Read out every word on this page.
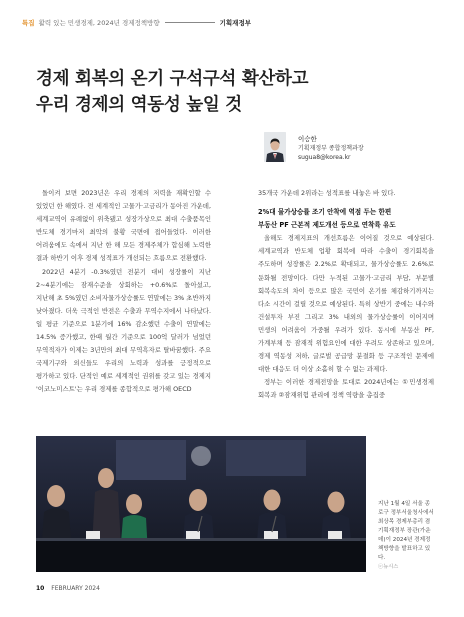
특집 활력 있는 민생경제, 2024년 경제정책방향	기획재정부
경제 회복의 온기 구석구석 확산하고
우리 경제의 역동성 높일 것
이승한
기획재정부 종합정책과장
sugua8@korea.kr

돌이켜 보면 2023년은 우리 경제의 저력을 재확인할 수 있었던 한 해였다. 전 세계적인 고물가·고금리가 동아진 가운데, 세계교역이 유례없이 위축됐고 성장가상으로 최대 수출품목인 반도체 경기마저 최악의 불황 국면에 접어들었다. 이러한 어려움에도 속에서 지난 한 해 모든 경제주체가 합심해 노력한 결과 하반기 이후 경제 성적표가 개선되는 흐름으로 전환했다.

2022년 4분기 -0.3%였던 전분기 대비 성장률이 지난 2~4분기에는 잠재수준을 상회하는 +0.6%로 돌아섰고, 지난해 초 5%였던 소비자물가상승률도 연말에는 3% 초반까지 낮아졌다. 더욱 극적인 반전은 수출과 무역수지에서 나타났다. 일 평균 기준으로 1분기에 16% 감소했던 수출이 연말에는 14.5% 증가했고, 한때 월간 기준으로 100억 달러가 넘었던 무역적자가 이제는 3년만의 최대 무역흑자로 탈바꿈했다. 주요 국제기구와 외신들도 우리의 노력과 성과를 긍정적으로 평가하고 있다. 단적인 예로 세계적인 권위를 갖고 있는 경제지 '이코노미스트'는 우리 경제를 종합적으로 평가해 OECD

35개국 가운데 2위라는 성적표를 내놓은 바 있다.

2%대 물가상승률 조기 안착에 역점 두는 한편
부동산 PF 근본적 제도개선 등으로 연착륙 유도

올해도 경제지표의 개선흐름은 이어질 것으로 예상된다. 세계교역과 반도체 업황 회복에 따라 수출이 경기회복을 주도하며 성장률은 2.2%로 확대되고, 물가상승률도 2.6%로 둔화될 전망이다. 다만 누적된 고물가·고금리 부담, 부문별 회복속도의 차이 등으로 많은 국민이 온기를 체감하기까지는 다소 시간이 걸릴 것으로 예상된다. 특히 상반기 중에는 내수와 건설투자 부진 그리고 3% 내외의 물가상승률이 이어지며 민생의 어려움이 가중될 우려가 있다. 동시에 부동산 PF, 가계부채 등 잠재적 위험요인에 대한 우려도 상존하고 있으며, 경제 역동성 저하, 글로벌 공급망 분절화 등 구조적인 문제에 대한 대응도 더 이상 소홀히 할 수 없는 과제다.

정부는 이러한 경제전망을 토대로 2024년에는 ①민생경제 회복과 ②잠재위험 관리에 정책 역량을 총집중

지난 1월 4일 서울 종로구 정부서울청사에서 최상목 경제부총리 겸 기획재정부 장관(가운데)이 2024년 경제정책방향을 발표하고 있다.
ⓒ뉴시스
10 FEBRUARY 2024
